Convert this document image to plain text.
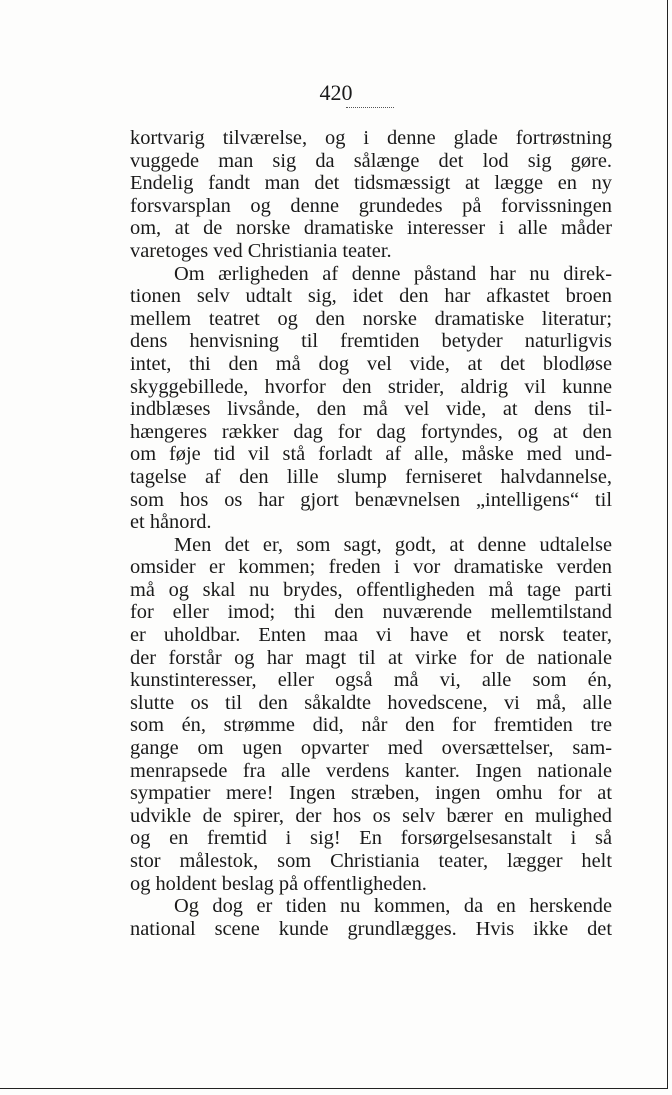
420
kortvarig tilværelse, og i denne glade fortrøstning
vuggede man sig da sålænge det lod sig gøre.
Endelig fandt man det tidsmæssigt at lægge en ny
forsvarsplan og denne grundedes på forvissningen
om, at de norske dramatiske interesser i alle måder
varetoges ved Christiania teater.
Om ærligheden af denne påstand har nu direk-
tionen selv udtalt sig, idet den har afkastet broen
mellem teatret og den norske dramatiske literatur;
dens henvisning til fremtiden betyder naturligvis
intet, thi den må dog vel vide, at det blodløse
skyggebillede, hvorfor den strider, aldrig vil kunne
indblæses livsånde, den må vel vide, at dens til-
hængeres rækker dag for dag fortyndes, og at den
om føje tid vil stå forladt af alle, måske med und-
tagelse af den lille slump ferniseret halvdannelse,
som hos os har gjort benævnelsen „intelligens“ til
et hånord.
Men det er, som sagt, godt, at denne udtalelse
omsider er kommen; freden i vor dramatiske verden
må og skal nu brydes, offentligheden må tage parti
for eller imod; thi den nuværende mellemtilstand
er uholdbar. Enten maa vi have et norsk teater,
der forstår og har magt til at virke for de nationale
kunstinteresser, eller også må vi, alle som én,
slutte os til den såkaldte hovedscene, vi må, alle
som én, strømme did, når den for fremtiden tre
gange om ugen opvarter med oversættelser, sam-
menrapsede fra alle verdens kanter. Ingen nationale
sympatier mere! Ingen stræben, ingen omhu for at
udvikle de spirer, der hos os selv bærer en mulighed
og en fremtid i sig! En forsørgelsesanstalt i så
stor målestok, som Christiania teater, lægger helt
og holdent beslag på offentligheden.
Og dog er tiden nu kommen, da en herskende
national scene kunde grundlægges. Hvis ikke det
